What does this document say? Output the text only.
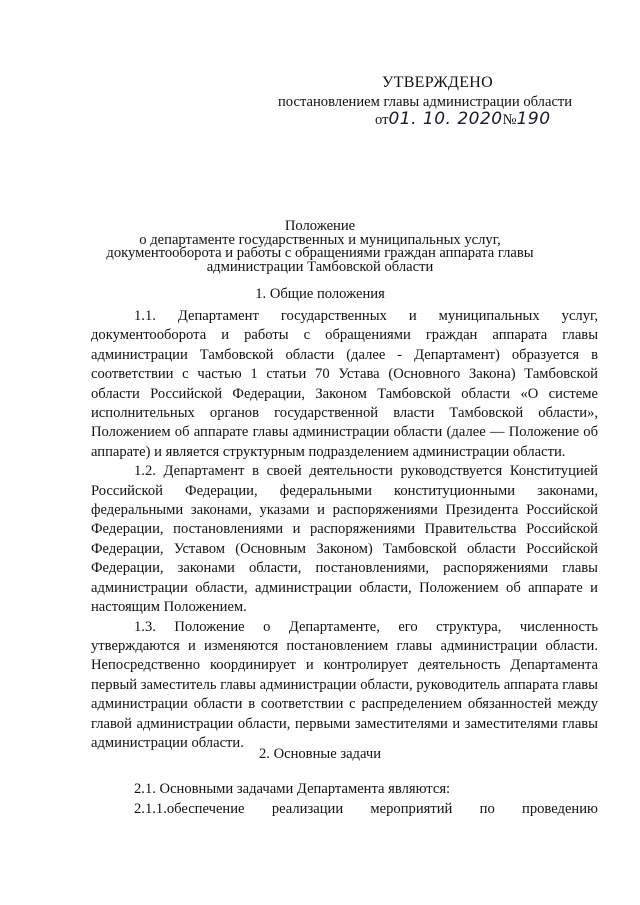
УТВЕРЖДЕНО
постановлением главы администрации области
от01. 10. 2020№190
Положение
о департаменте государственных и муниципальных услуг,
документооборота и работы с обращениями граждан аппарата главы
администрации Тамбовской области
1. Общие положения
1.1. Департамент государственных и муниципальных услуг, документооборота и работы с обращениями граждан аппарата главы администрации Тамбовской области (далее - Департамент) образуется в соответствии с частью 1 статьи 70 Устава (Основного Закона) Тамбовской области Российской Федерации, Законом Тамбовской области «О системе исполнительных органов государственной власти Тамбовской области», Положением об аппарате главы администрации области (далее — Положение об аппарате) и является структурным подразделением администрации области.
1.2. Департамент в своей деятельности руководствуется Конституцией Российской Федерации, федеральными конституционными законами, федеральными законами, указами и распоряжениями Президента Российской Федерации, постановлениями и распоряжениями Правительства Российской Федерации, Уставом (Основным Законом) Тамбовской области Российской Федерации, законами области, постановлениями, распоряжениями главы администрации области, администрации области, Положением об аппарате и настоящим Положением.
1.3. Положение о Департаменте, его структура, численность утверждаются и изменяются постановлением главы администрации области. Непосредственно координирует и контролирует деятельность Департамента первый заместитель главы администрации области, руководитель аппарата главы администрации области в соответствии с распределением обязанностей между главой администрации области, первыми заместителями и заместителями главы администрации области.
2. Основные задачи
2.1. Основными задачами Департамента являются:
2.1.1.обеспечение реализации мероприятий по проведению
